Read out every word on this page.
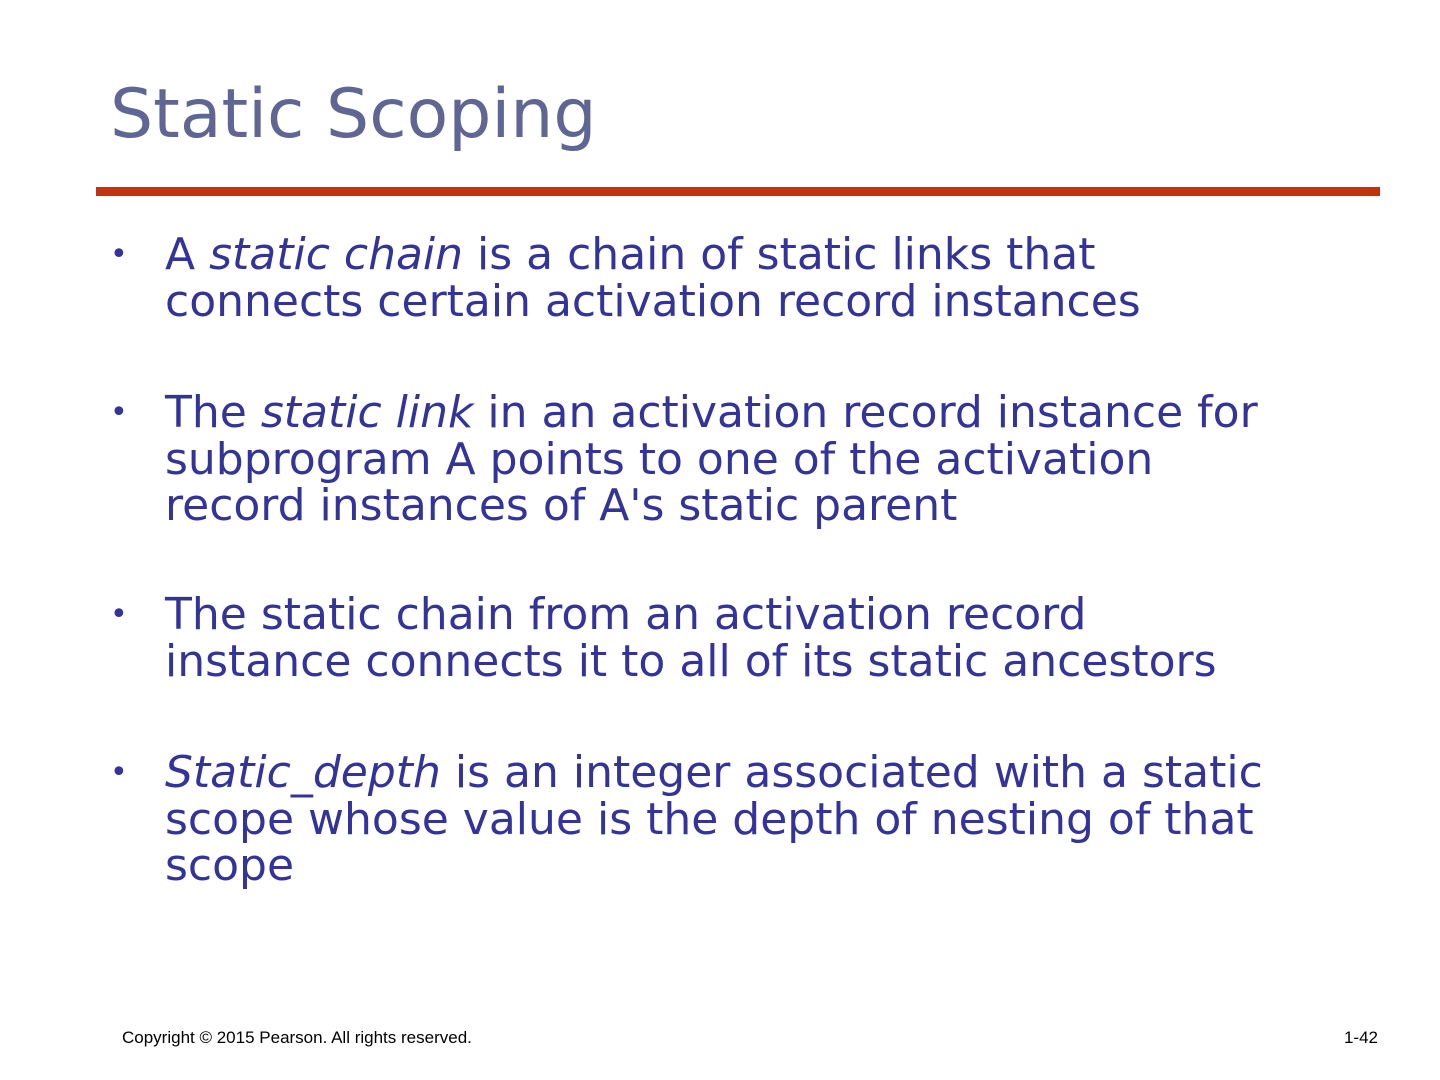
Static Scoping
• A static chain is a chain of static links that
connects certain activation record instances
• The static link in an activation record instance for
subprogram A points to one of the activation
record instances of A's static parent
• The static chain from an activation record
instance connects it to all of its static ancestors
• Static_depth is an integer associated with a static
scope whose value is the depth of nesting of that
scope
Copyright © 2015 Pearson. All rights reserved.	1-42
